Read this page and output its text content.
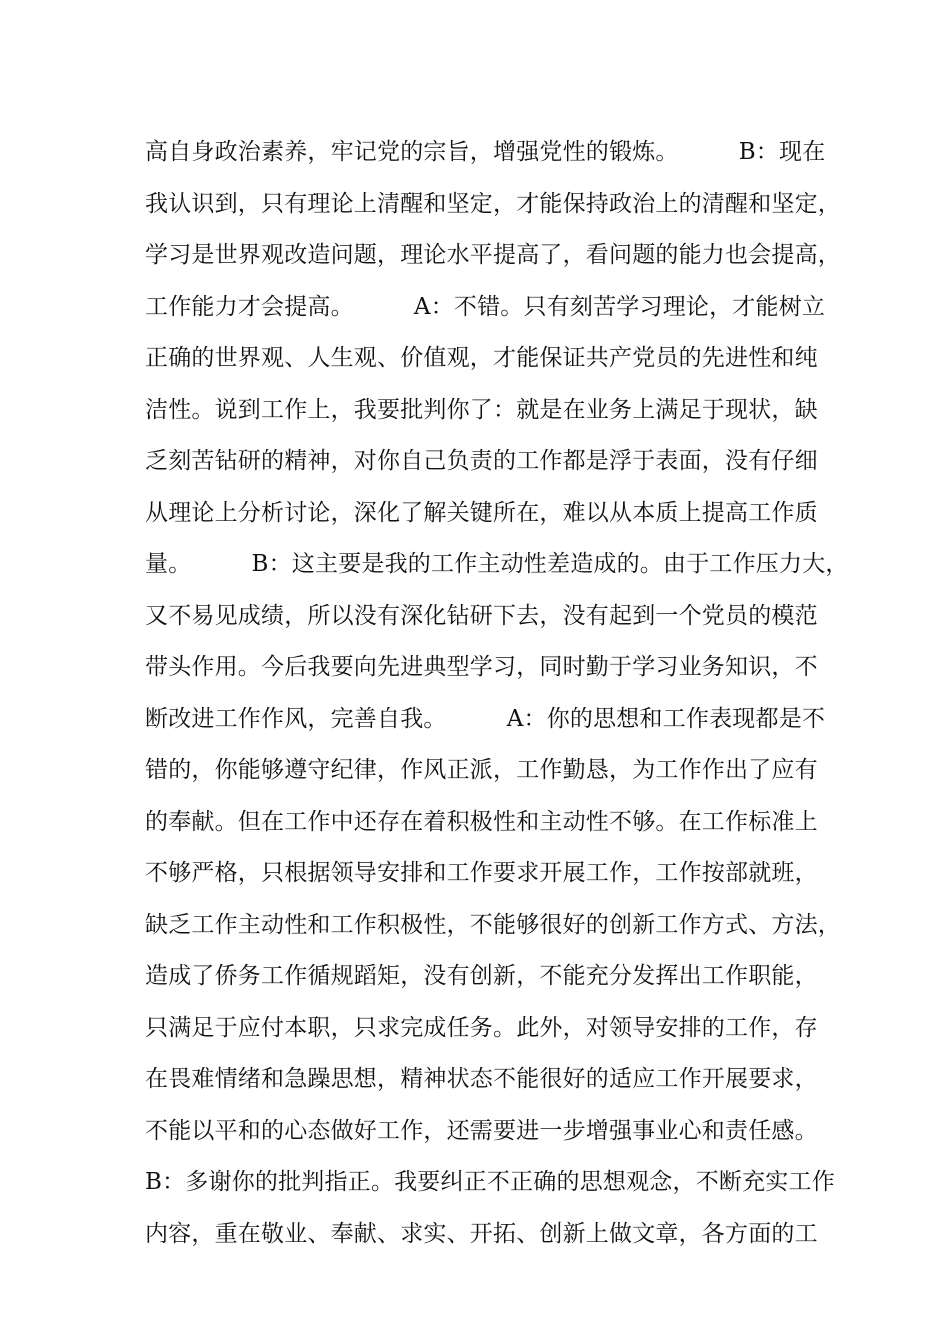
高自身政治素养，牢记党的宗旨，增强党性的锻炼。        B：现在
我认识到，只有理论上清醒和坚定，才能保持政治上的清醒和坚定，
学习是世界观改造问题，理论水平提高了，看问题的能力也会提高，
工作能力才会提高。        A：不错。只有刻苦学习理论，才能树立
正确的世界观、人生观、价值观，才能保证共产党员的先进性和纯
洁性。说到工作上，我要批判你了：就是在业务上满足于现状，缺
乏刻苦钻研的精神，对你自己负责的工作都是浮于表面，没有仔细
从理论上分析讨论，深化了解关键所在，难以从本质上提高工作质
量。        B：这主要是我的工作主动性差造成的。由于工作压力大，
又不易见成绩，所以没有深化钻研下去，没有起到一个党员的模范
带头作用。今后我要向先进典型学习，同时勤于学习业务知识，不
断改进工作作风，完善自我。        A：你的思想和工作表现都是不
错的，你能够遵守纪律，作风正派，工作勤恳，为工作作出了应有
的奉献。但在工作中还存在着积极性和主动性不够。在工作标准上
不够严格，只根据领导安排和工作要求开展工作，工作按部就班，
缺乏工作主动性和工作积极性，不能够很好的创新工作方式、方法，
造成了侨务工作循规蹈矩，没有创新，不能充分发挥出工作职能，
只满足于应付本职，只求完成任务。此外，对领导安排的工作，存
在畏难情绪和急躁思想，精神状态不能很好的适应工作开展要求，
不能以平和的心态做好工作，还需要进一步增强事业心和责任感。
B：多谢你的批判指正。我要纠正不正确的思想观念，不断充实工作
内容，重在敬业、奉献、求实、开拓、创新上做文章，各方面的工
